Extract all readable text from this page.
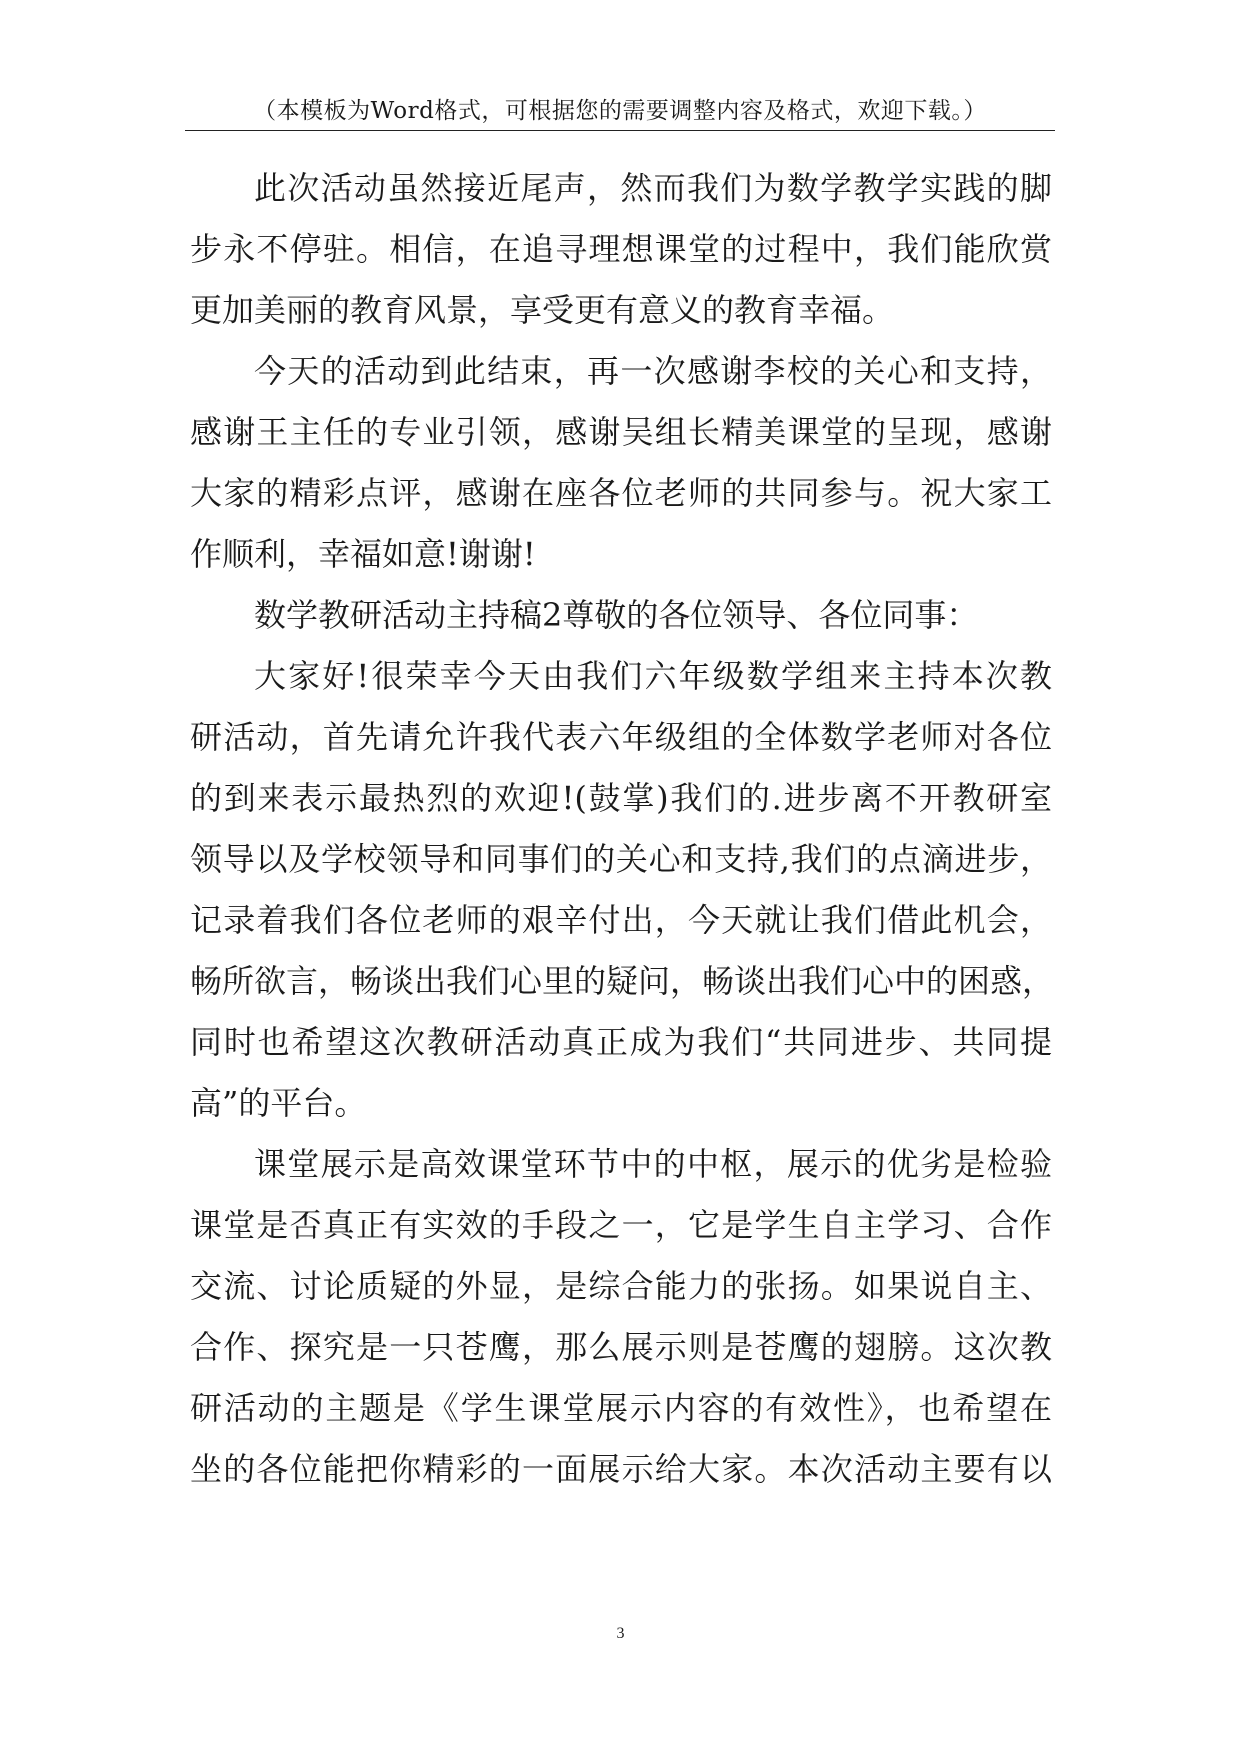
（本模板为Word格式，可根据您的需要调整内容及格式，欢迎下载。）
此次活动虽然接近尾声，然而我们为数学教学实践的脚
步永不停驻。相信，在追寻理想课堂的过程中，我们能欣赏
更加美丽的教育风景，享受更有意义的教育幸福。
今天的活动到此结束，再一次感谢李校的关心和支持，
感谢王主任的专业引领，感谢吴组长精美课堂的呈现，感谢
大家的精彩点评，感谢在座各位老师的共同参与。祝大家工
作顺利，幸福如意!谢谢!
数学教研活动主持稿2尊敬的各位领导、各位同事：
大家好!很荣幸今天由我们六年级数学组来主持本次教
研活动，首先请允许我代表六年级组的全体数学老师对各位
的到来表示最热烈的欢迎!(鼓掌)我们的.进步离不开教研室
领导以及学校领导和同事们的关心和支持,我们的点滴进步，
记录着我们各位老师的艰辛付出，今天就让我们借此机会，
畅所欲言，畅谈出我们心里的疑问，畅谈出我们心中的困惑，
同时也希望这次教研活动真正成为我们“共同进步、共同提
高”的平台。
课堂展示是高效课堂环节中的中枢，展示的优劣是检验
课堂是否真正有实效的手段之一，它是学生自主学习、合作
交流、讨论质疑的外显，是综合能力的张扬。如果说自主、
合作、探究是一只苍鹰，那么展示则是苍鹰的翅膀。这次教
研活动的主题是《学生课堂展示内容的有效性》，也希望在
坐的各位能把你精彩的一面展示给大家。本次活动主要有以
3
